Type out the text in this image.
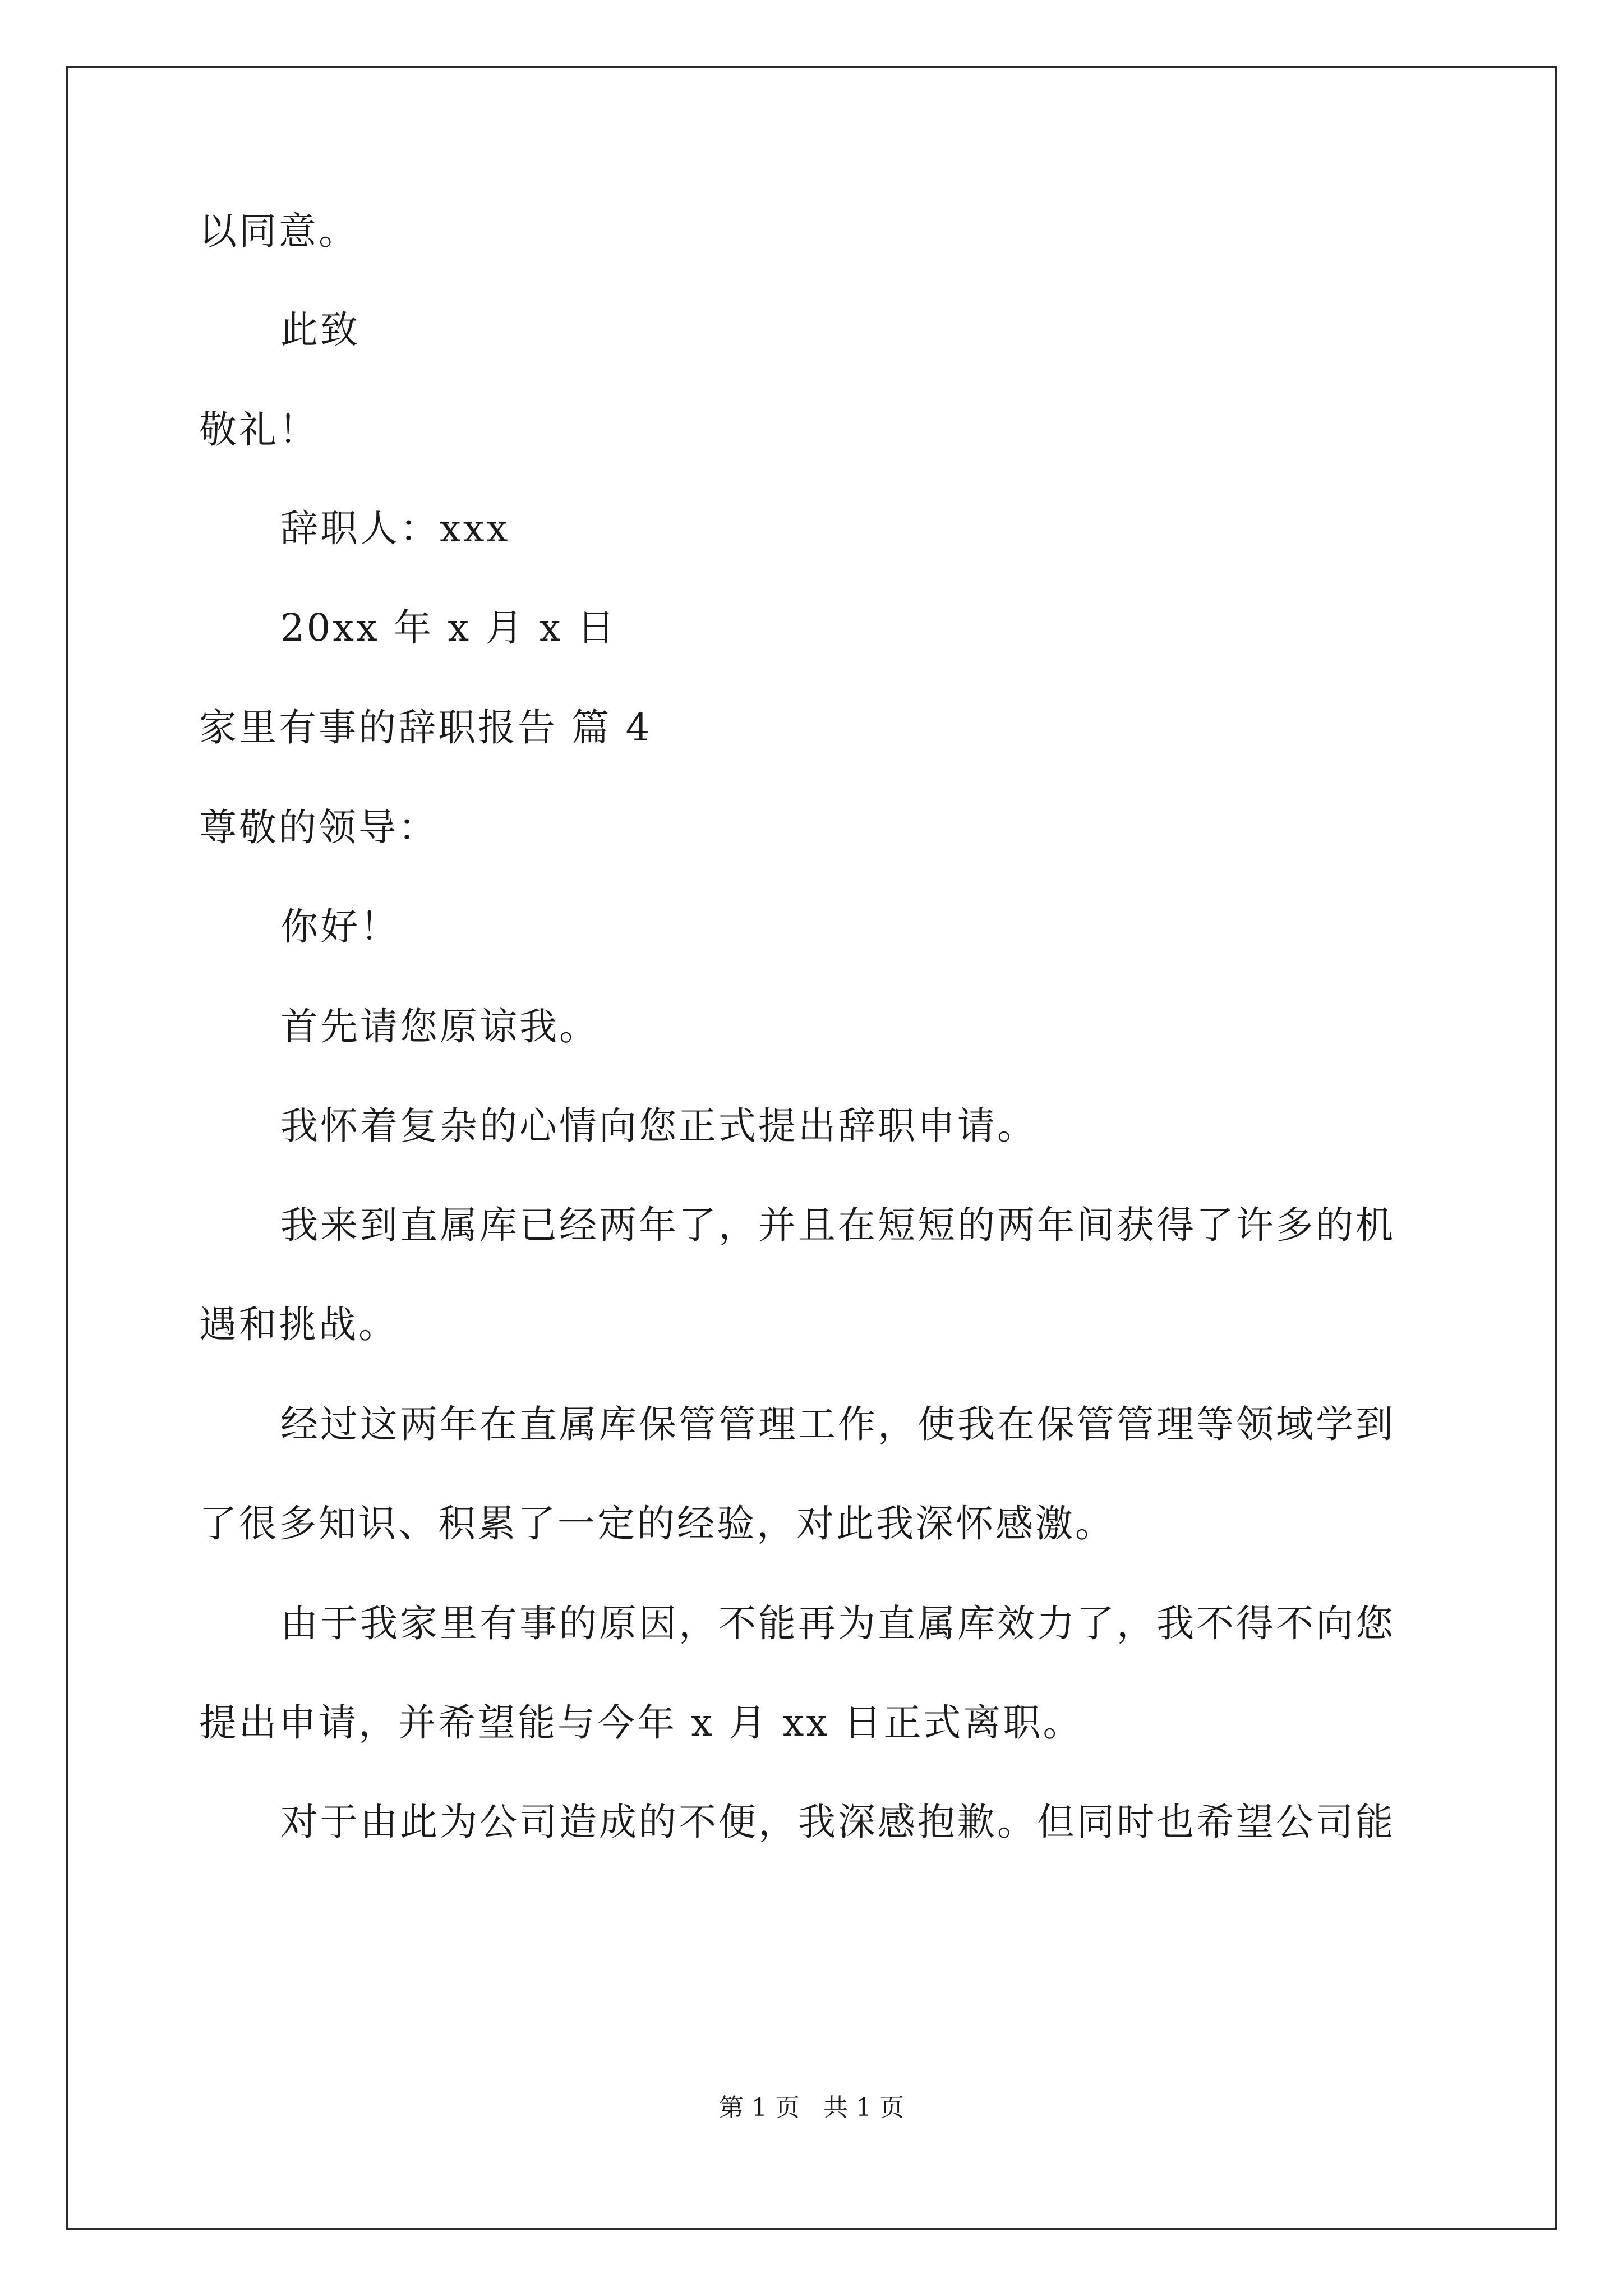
以同意。
此致
敬礼！
辞职人：xxx
20xx 年 x 月 x 日
家里有事的辞职报告 篇 4
尊敬的领导：
你好！
首先请您原谅我。
我怀着复杂的心情向您正式提出辞职申请。
我来到直属库已经两年了，并且在短短的两年间获得了许多的机
遇和挑战。
经过这两年在直属库保管管理工作，使我在保管管理等领域学到
了很多知识、积累了一定的经验，对此我深怀感激。
由于我家里有事的原因，不能再为直属库效力了，我不得不向您
提出申请，并希望能与今年 x 月 xx 日正式离职。
对于由此为公司造成的不便，我深感抱歉。但同时也希望公司能
第 1 页 共 1 页
